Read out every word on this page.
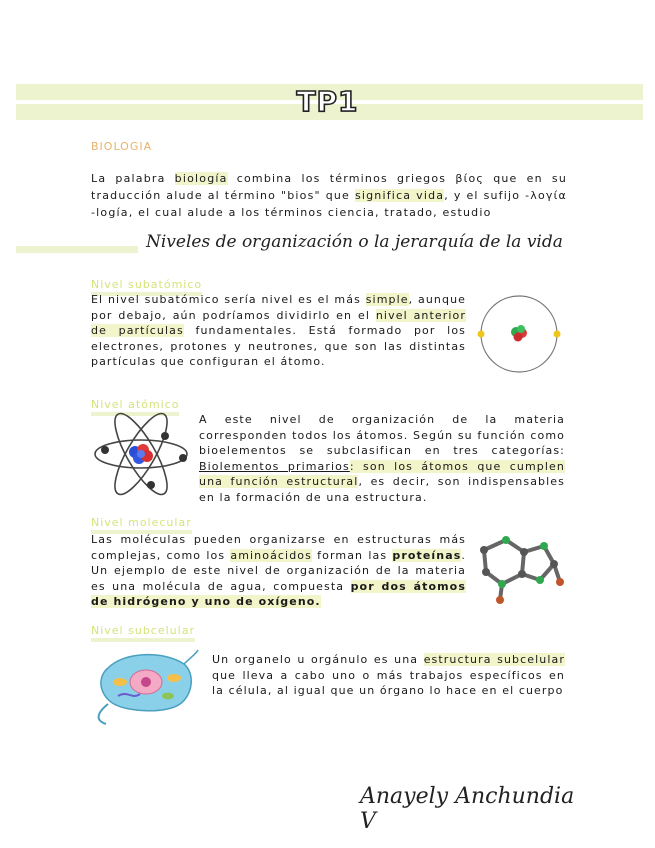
TP1
BIOLOGIA

La palabra biología combina los términos griegos βίος que en su traducción alude al término "bios" que significa vida, y el sufijo -λογία -logía, el cual alude a los términos ciencia, tratado, estudio

Niveles de organización o la jerarquía de la vida
Nivel subatómico

El nivel subatómico sería nivel es el más simple, aunque por debajo, aún podríamos dividirlo en el nivel anterior de partículas fundamentales. Está formado por los electrones, protones y neutrones, que son las distintas partículas que configuran el átomo.

Nivel atómico

A este nivel de organización de la materia corresponden todos los átomos. Según su función como bioelementos se subclasifican en tres categorías: Biolementos primarios: son los átomos que cumplen una función estructural, es decir, son indispensables en la formación de una estructura.

Nivel molecular

Las moléculas pueden organizarse en estructuras más complejas, como los aminoácidos forman las proteínas. Un ejemplo de este nivel de organización de la materia es una molécula de agua, compuesta por dos átomos de hidrógeno y uno de oxígeno.

Nivel subcelular

Un organelo u orgánulo es una estructura subcelular que lleva a cabo uno o más trabajos específicos en la célula, al igual que un órgano lo hace en el cuerpo

Anayely Anchundia V
